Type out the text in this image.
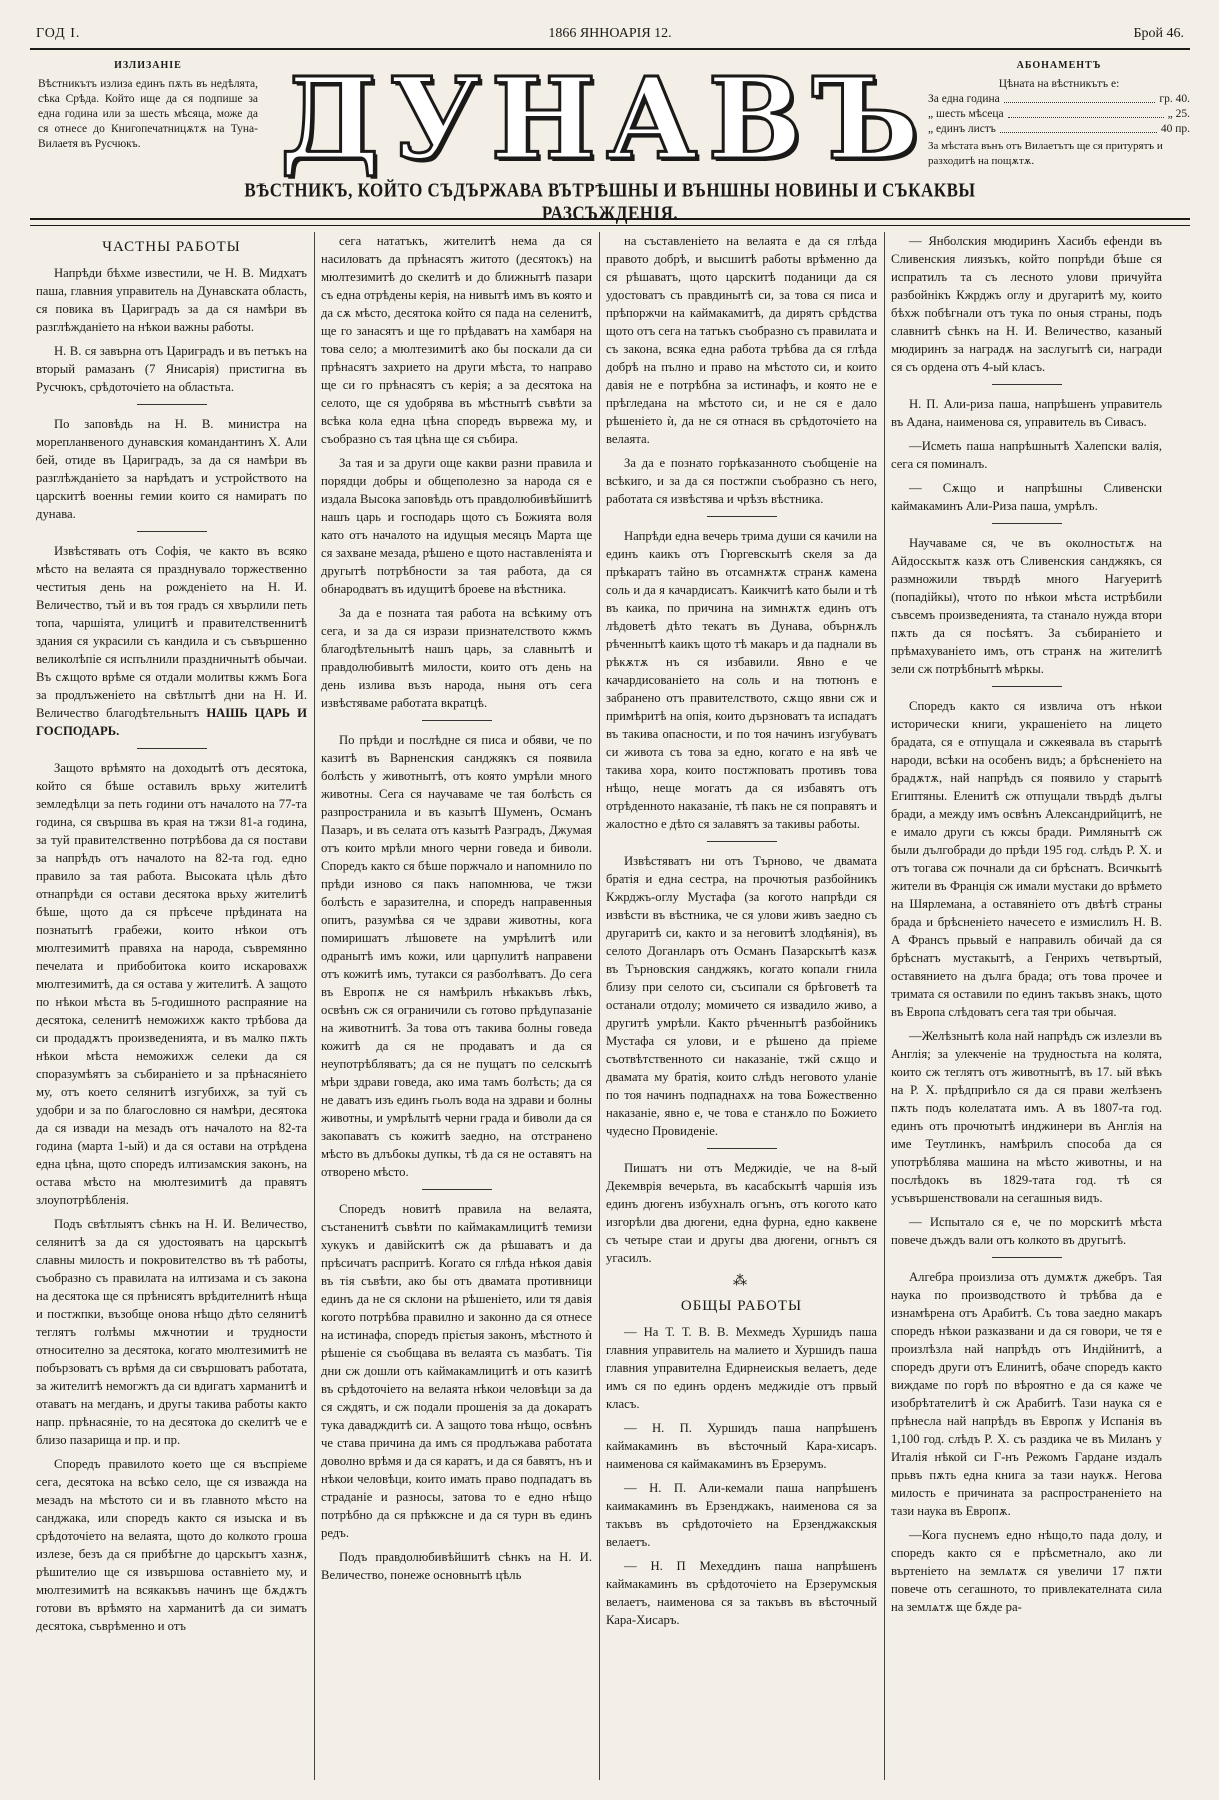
ГОД I.	1866 ЯННОАРІЯ 12.	Брой 46.
ИЗЛИЗАНІЕ
Вѣстникътъ излиза единъ пѫть въ недѣлята, сѣка Срѣда. Който ище да ся подпише за една година или за шесть мѣсяца, може да ся отнесе до Книгопечатницѫтѫ на Туна-Вилаетя въ Русчюкъ.	ДУНАВЪ	АБОНАМЕНТЪ
Цѣната на вѣстникътъ е:
За една година	гр. 40.
„ шесть мѣсеца	„ 25.
„ единъ листъ	40 пр.
За мѣстата вънъ отъ Вилаетътъ ще ся притурятъ и разходитѣ на пощѫтѫ.
ВѢСТНИКЪ, КОЙТО СЪДЪРЖАВА ВЪТРѢШНЫ И ВЪНШНЫ НОВИНЫ И СЪКАКВЫ РАЗСЪЖДЕНІЯ.
ЧАСТНЫ РАБОТЫ

Напрѣди бѣхме известили, че Н. В. Мидхатъ паша, главния управитель на Дунавската область, ся повика въ Цариградъ за да ся намѣри въ разглѣжданіето на нѣкои важны работы.

Н. В. ся завърна отъ Цариградъ и въ петъкъ на вторый рамазанъ (7 Янисарія) пристигна въ Русчюкъ, срѣдоточіето на областьта.

По заповѣдь на Н. В. министра на морепланвеного дунавския командантинъ Х. Али бей, отиде въ Цариградъ, за да ся намѣри въ разглѣжданіето за нарѣдатъ и устройството на царскитѣ военны гемии които ся намиратъ по дунава.

Извѣстявать отъ Софія, че както въ всяко мѣсто на велаята ся празднувало торжественно честитыя день на рожденіето на Н. И. Величество, тъй и въ тоя градъ ся хвърлили петь топа, чаршіята, улицитѣ и правителственнитѣ здания ся украсили съ кандила и съ съвършенно великолѣпіе ся испълнили праздничнытѣ обычаи. Въ сѫщото врѣме ся отдали молитвы кжмъ Бога за продлъженіето на свѣтлытѣ дни на Н. И. Величество благодѣтельнытъ НАШЬ ЦАРЬ И ГОСПОДАРЬ.

Защото врѣмято на доходытѣ отъ десятока, който ся бѣше оставилъ врьху жителитѣ земледѣлци за петь години отъ началото на 77-та година, ся свършва въ края на тжзи 81-а година, за туй правителственно потрѣбова да ся постави за напрѣдъ отъ началото на 82-та год. едно правило за тая работа. Высоката цѣль дѣто отнапрѣди ся остави десятока врьху жителитѣ бѣше, щото да ся прѣсече прѣдината на познатытѣ грабежи, които нѣкои отъ мюлтезимитѣ правяха на народа, съвремянно печелата и прибобитока които искаровахж мюлтезимитѣ, да ся остава у жителитѣ. А защото по нѣкои мѣста въ 5-годишното распраяние на десятока, селенитѣ неможихж както трѣбова да си продадѫтъ произведенията, и въ малко пѫть нѣкои мѣста неможихж селеки да ся споразумѣятъ за събираніето и за прѣнасяніето му, отъ което селянитѣ изгубихж, за туй съ удобри и за по благословно ся намѣри, десятока да ся извади на мезадъ отъ началото на 82-та година (марта 1-ый) и да ся остави на отрѣдена една цѣна, щото споредъ илтизамския законъ, на остава мѣсто на мюлтезимитѣ да правятъ злоупотрѣбленія.

Подъ свѣтлыятъ сѣнкъ на Н. И. Величество, селянитѣ за да ся удостояватъ на царскытѣ славны милость и покровителство въ тѣ работы, съобразно съ правилата на илтизама и съ закона на десятока ще ся прѣнисятъ врѣдителнитѣ нѣща и постжпки, възобще онова нѣщо дѣто селянитѣ теглятъ голѣмы мѫчнотии и трудности относително за десятока, когато мюлтезимитѣ не побързоватъ съ врѣмя да си свършоватъ работата, за жителитѣ немогжтъ да си вдигатъ харманитѣ и отаватъ на мегданъ, и другы такива работы както напр. прѣнасяніе, то на десятока до скелитѣ че е близо пазарища и пр. и пр.

Споредъ правилото което ще ся въспріеме сега, десятока на всѣко село, ще ся изважда на мезадъ на мѣстото си и въ главното мѣсто на санджака, или споредъ както ся изыска и въ срѣдоточіето на велаята, щото до колкото гроша излезе, безъ да ся прибѣгне до царскытъ хазнѫ, рѣшителио ще ся извършова оставніето му, и мюлтезимитѣ на всякакъвъ начинъ ще бѫдѫтъ готови въ врѣмято на харманитѣ да си зиматъ десятока, съврѣменно и отъ

сега нататъкъ, жителитѣ нема да ся насиловатъ да прѣнасятъ житото (десятокъ) на мюлтезимитѣ до скелитѣ и до ближнытѣ пазари съ една отрѣдены керія, на нивытѣ имъ въ която и да сѫ мѣсто, десятока който ся пада на селенитѣ, ще го занасятъ и ще го прѣдаватъ на хамбаря на това село; а мюлтезимитѣ ако бы поскали да си прѣнасятъ захрието на други мѣста, то направо ще си го прѣнасятъ съ керія; а за десятока на селото, ще ся удобрява въ мѣстнытѣ съвѣти за всѣка кола една цѣна споредъ вървежа му, и съобразно съ тая цѣна ще ся събира.

За тая и за други още какви разни правила и порядци добры и общеполезно за народа ся е издала Высока заповѣдь отъ правдолюбивѣйшитѣ нашъ царь и господарь щото съ Божията воля като отъ началото на идущыя месяцъ Марта ще ся захване мезада, рѣшено е щото наставленіята и другытѣ потрѣбности за тая работа, да ся обнародватъ въ идущитѣ броеве на вѣстника.

За да е позната тая работа на всѣкиму отъ сега, и за да ся изрази признателството кжмъ благодѣтельнытѣ нашъ царь, за славнытѣ и правдолюбивытѣ милости, които отъ день на день излива възъ народа, ныня отъ сега извѣстяваме работата вкратцѣ.

По прѣди и послѣдне ся писа и обяви, че по казитѣ въ Варненския санджякъ ся появила болѣсть у животнытѣ, отъ която умрѣли много животны. Сега ся научаваме че тая болѣсть ся разпространила и въ казытѣ Шуменъ, Османъ Пазаръ, и въ селата отъ казытѣ Разградъ, Джумая отъ които мрѣли много черни говеда и биволи. Споредъ както ся бѣше поржчало и напомнило по прѣди изново ся пакъ напомнюва, че тжзи болѣсть е заразителна, и споредъ направенныя опитъ, разумѣва ся че здрави животны, кога помиришатъ лѣшовете на умрѣлитѣ или одранытѣ имъ кожи, или царпулитѣ направени отъ кожитѣ имъ, тутакси ся разболѣватъ. До сега въ Европѫ не ся намѣрилъ нѣкакъвъ лѣкъ, освѣнъ сж ся ограничили съ готово прѣдупазаніе на животнитѣ. За това отъ такива болны говеда кожитѣ да ся не продаватъ и да ся неупотрѣбляватъ; да ся не пущатъ по селскытѣ мѣри здрави говеда, ако има тамъ болѣсть; да ся не даватъ изъ единъ гьолъ вода на здрави и болны животны, и умрѣлытѣ черни града и биволи да ся закопаватъ съ кожитѣ заедно, на отстранено мѣсто въ длъбокы дупкы, тѣ да ся не оставятъ на отворено мѣсто.

Споредъ новитѣ правила на велаята, състаненитѣ съвѣти по каймакамлицитѣ темизи хукукъ и давійскитѣ сж да рѣшаватъ и да прѣсичатъ распритѣ. Когато ся глѣда нѣкоя давія въ тія съвѣти, ако бы отъ двамата противници единъ да не ся склони на рѣшеніето, или тя давія когото потрѣбва правилно и законно да ся отнесе на истинафа, споредъ прієтыя законъ, мѣстното ѝ рѣшеніе ся съобщава въ велаята съ мазбатъ. Тія дни сж дошли отъ каймакамлицитѣ и отъ казитѣ въ срѣдоточіето на велаята нѣкои человѣци за да ся сждятъ, и сж подали прошенія за да докаратъ тука давадждитѣ си. А защото това нѣщо, освѣнъ че става причина да имъ ся продлъжава работата доволно врѣмя и да ся каратъ, и да ся бавятъ, нъ и нѣкои человѣци, които имать право подпадатъ въ страданіе и разносы, затова то е едно нѣщо потрѣбно да ся прѣкжсне и да ся турн въ единъ редъ.

Подъ правдолюбивѣйшитѣ сѣнкъ на Н. И. Величество, понеже основнытѣ цѣль

на съставленіето на велаята е да ся глѣда правото добрѣ, и высшитѣ работы врѣменно да ся рѣшаватъ, щото царскитѣ поданици да ся удостоватъ съ правдинытѣ си, за това ся писа и прѣпоржчи на каймакамитѣ, да дирятъ срѣдства щото отъ сега на татъкъ съобразно съ правилата и съ закона, всяка една работа трѣбва да ся глѣда добрѣ на пълно и право на мѣстото си, и които давія не е потрѣбна за истинафъ, и която не е прѣгледана на мѣстото си, и не ся е дало рѣшеніето ѝ, да не ся отнася въ срѣдоточіето на велаята.

За да е познато горѣказанното съобщеніе на всѣкиго, и за да ся постжпи съобразно съ него, работата ся извѣстява и чрѣзъ вѣстника.

Напрѣди една вечерь трима души ся качили на единъ каикъ отъ Гюргевскытѣ скеля за да прѣкаратъ тайно въ отсамнѫтѫ странѫ камена соль и да я качардисатъ. Каикчитѣ като были и тѣ въ каика, по причина на зимнѫтѫ единъ отъ лѣдоветѣ дѣто текатъ въ Дунава, обърнѫлъ рѣченнытѣ каикъ щото тѣ макаръ и да паднали въ рѣкѫтѫ нъ ся избавили. Явно е че качардисованіето на соль и на тютюнъ е забранено отъ правителството, сѫщо явни сж и примѣритѣ на опія, които дързноватъ та испадатъ въ такива опасности, и по тоя начинъ изгубуватъ си живота съ това за едно, когато е на явѣ че такива хора, които постжповатъ противъ това нѣщо, неще могатъ да ся избавятъ отъ отрѣденното наказаніе, тѣ пакъ не ся поправятъ и жалостно е дѣто ся залавятъ за такивы работы.

Извѣстяватъ ни отъ Търново, че двамата братія и една сестра, на прочютыя разбойникъ Кжрджъ-оглу Мустафа (за когото напрѣди ся извѣсти въ вѣстника, че ся улови живъ заедно съ другаритѣ си, както и за неговитѣ злодѣянія), въ селото Доганларъ отъ Османъ Пазарскытѣ казѫ въ Търновския санджякъ, когато копали гнила близу при селото си, съсипали ся брѣговетѣ та останали отдолу; момичето ся извадило живо, а другитѣ умрѣли. Както рѣченнытѣ разбойникъ Мустафа ся улови, и е рѣшено да пріеме съотвѣтственното си наказаніе, тжй сѫщо и двамата му братія, които слѣдъ неговото уланіе по тоя начинъ подпаднахѫ на това Божественно наказаніе, явно е, че това е станѫло по Божието чудесно Провиденіе.

Пишатъ ни отъ Меджидіе, че на 8-ый Декемврія вечерьта, въ касабскытѣ чаршія изъ единъ дюгенъ избухналъ огънъ, отъ когото като изгорѣли два дюгени, една фурна, едно каквене съ четыре стаи и другы два дюгени, огньтъ ся угасилъ.

⁂
ОБЩЫ РАБОТЫ

— На Т. Т. В. В. Мехмедъ Хуршидъ паша главния управитель на малието и Хуршидъ паша главния управителна Едирнеискыя велаетъ, деде имъ ся по единъ орденъ меджидіе отъ првый класъ.

— Н. П. Хуршидъ паша напрѣшенъ каймакаминъ въ вѣсточный Кара-хисаръ. наименова ся каймакаминъ въ Ерзерумъ.

— Н. П. Али-кемали паша напрѣшенъ каимакаминъ въ Ерзенджакъ, наименова ся за такъвъ въ срѣдоточіето на Ерзенджакскыя велаетъ.

— Н. П Мехеддинъ паша напрѣшенъ каймакаминъ въ срѣдоточіето на Ерзерумскыя велаетъ, наименова ся за такъвъ въ вѣсточный Кара-Хисаръ.

— Янболския мюдиринъ Хасибъ ефенди въ Сливенския лиязъкъ, който попрѣди бѣше ся испратилъ та съ лесното улови причуйта разбойнікъ Кжрджъ оглу и другаритѣ му, които бѣхж побѣгнали отъ тука по оныя страны, подъ славнитѣ сѣнкъ на Н. И. Величество, казаный мюдиринъ за наградѫ на заслугытѣ си, награди ся съ ордена отъ 4-ый класъ.

Н. П. Али-риза паша, напрѣшенъ управитель въ Адана, наименова ся, управитель въ Сивасъ.

—Исметь паша напрѣшнытѣ Халепски валія, сега ся поминалъ.

— Сѫщо и напрѣшны Сливенски каймакаминъ Али-Риза паша, умрѣлъ.

Научаваме ся, че въ околностьтѫ на Айдосскытѫ казѫ отъ Сливенския санджякъ, ся размножили твърдѣ много Нагуеритѣ (попадійкы), чтото по нѣкои мѣста истрѣбили съвсемъ произведенията, та станало нужда втори пѫть да ся посѣятъ. За събираніето и прѣмахуваніето имъ, отъ странѫ на жителитѣ зели сж потрѣбнытѣ мѣркы.

Споредъ както ся извлича отъ нѣкои исторически книги, украшеніето на лицето брадата, ся е отпущала и сжкеявала въ старытѣ народи, всѣки на особенъ видъ; а брѣсненіето на брадѫтѫ, най напрѣдъ ся появило у старытѣ Египтяны. Еленитѣ сж отпущали твърдѣ дългы бради, а между имъ освѣнъ Александрийцитѣ, не е имало други съ кжсы бради. Римлянытѣ сж были дългобради до прѣди 195 год. слѣдъ Р. Х. и отъ тогава сж почнали да си брѣснатъ. Всичкытѣ жители въ Франція сж имали мустаки до врѣмето на Шярлемана, а оставяніето отъ двѣтѣ страны брада и брѣсненіето начесето е измислилъ Н. В. А Франсъ прьвый е направилъ обичай да ся брѣснатъ мустакытѣ, а Генрихъ четвъртый, оставянието на дълга брада; отъ това прочее и тримата ся оставили по единъ такъвъ знакъ, щото въ Европа слѣдоватъ сега тая три обычая.

—Желѣзнытѣ кола най напрѣдъ сж излезли въ Англія; за улекченіе на трудностьта на колята, които сж теглятъ отъ животнытѣ, въ 17. ый вѣкъ на Р. Х. прѣдприѣло ся да ся прави желѣзенъ пѫть подъ колелатата имъ. А въ 1807-та год. единъ отъ прочютытѣ инджинери въ Англія на име Теутлинкъ, намѣрилъ способа да ся употрѣблява машина на мѣсто животны, и на послѣдокъ въ 1829-тата год. тѣ ся усъвършенствовали на сегашныя видъ.

— Испытало ся е, че по морскитѣ мѣста повече дъждъ вали отъ колкото въ другытѣ.

Алгебра произлиза отъ думѫтѫ джебръ. Тая наука по производството ѝ трѣбва да е изнамѣрена отъ Арабитѣ. Съ това заедно макаръ споредъ нѣкои разказвани и да ся говори, че тя е произлѣзла най напрѣдъ отъ Индійнитѣ, а споредъ други отъ Елинитѣ, обаче споредъ както виждаме по горѣ по вѣроятно е да ся каже че изобрѣтателитѣ ѝ сж Арабитѣ. Тази наука ся е прѣнесла най напрѣдъ въ Европѫ у Испанія въ 1,100 год. слѣдъ Р. Х. съ раздика че въ Миланъ у Италія нѣкой си Г-нъ Режомъ Гардане издалъ прьвъ пѫть една книга за тази наукѫ. Негова милость е причината за распространеніето на тази наука въ Европѫ.

—Кога пуснемъ едно нѣщо,то пада долу, и споредъ както ся е прѣсметнало, ако ли въртеніето на землѧтѫ ся увеличи 17 пѫти повече отъ сегашното, то привлекателната сила на землѧтѫ ще бѫде ра-
